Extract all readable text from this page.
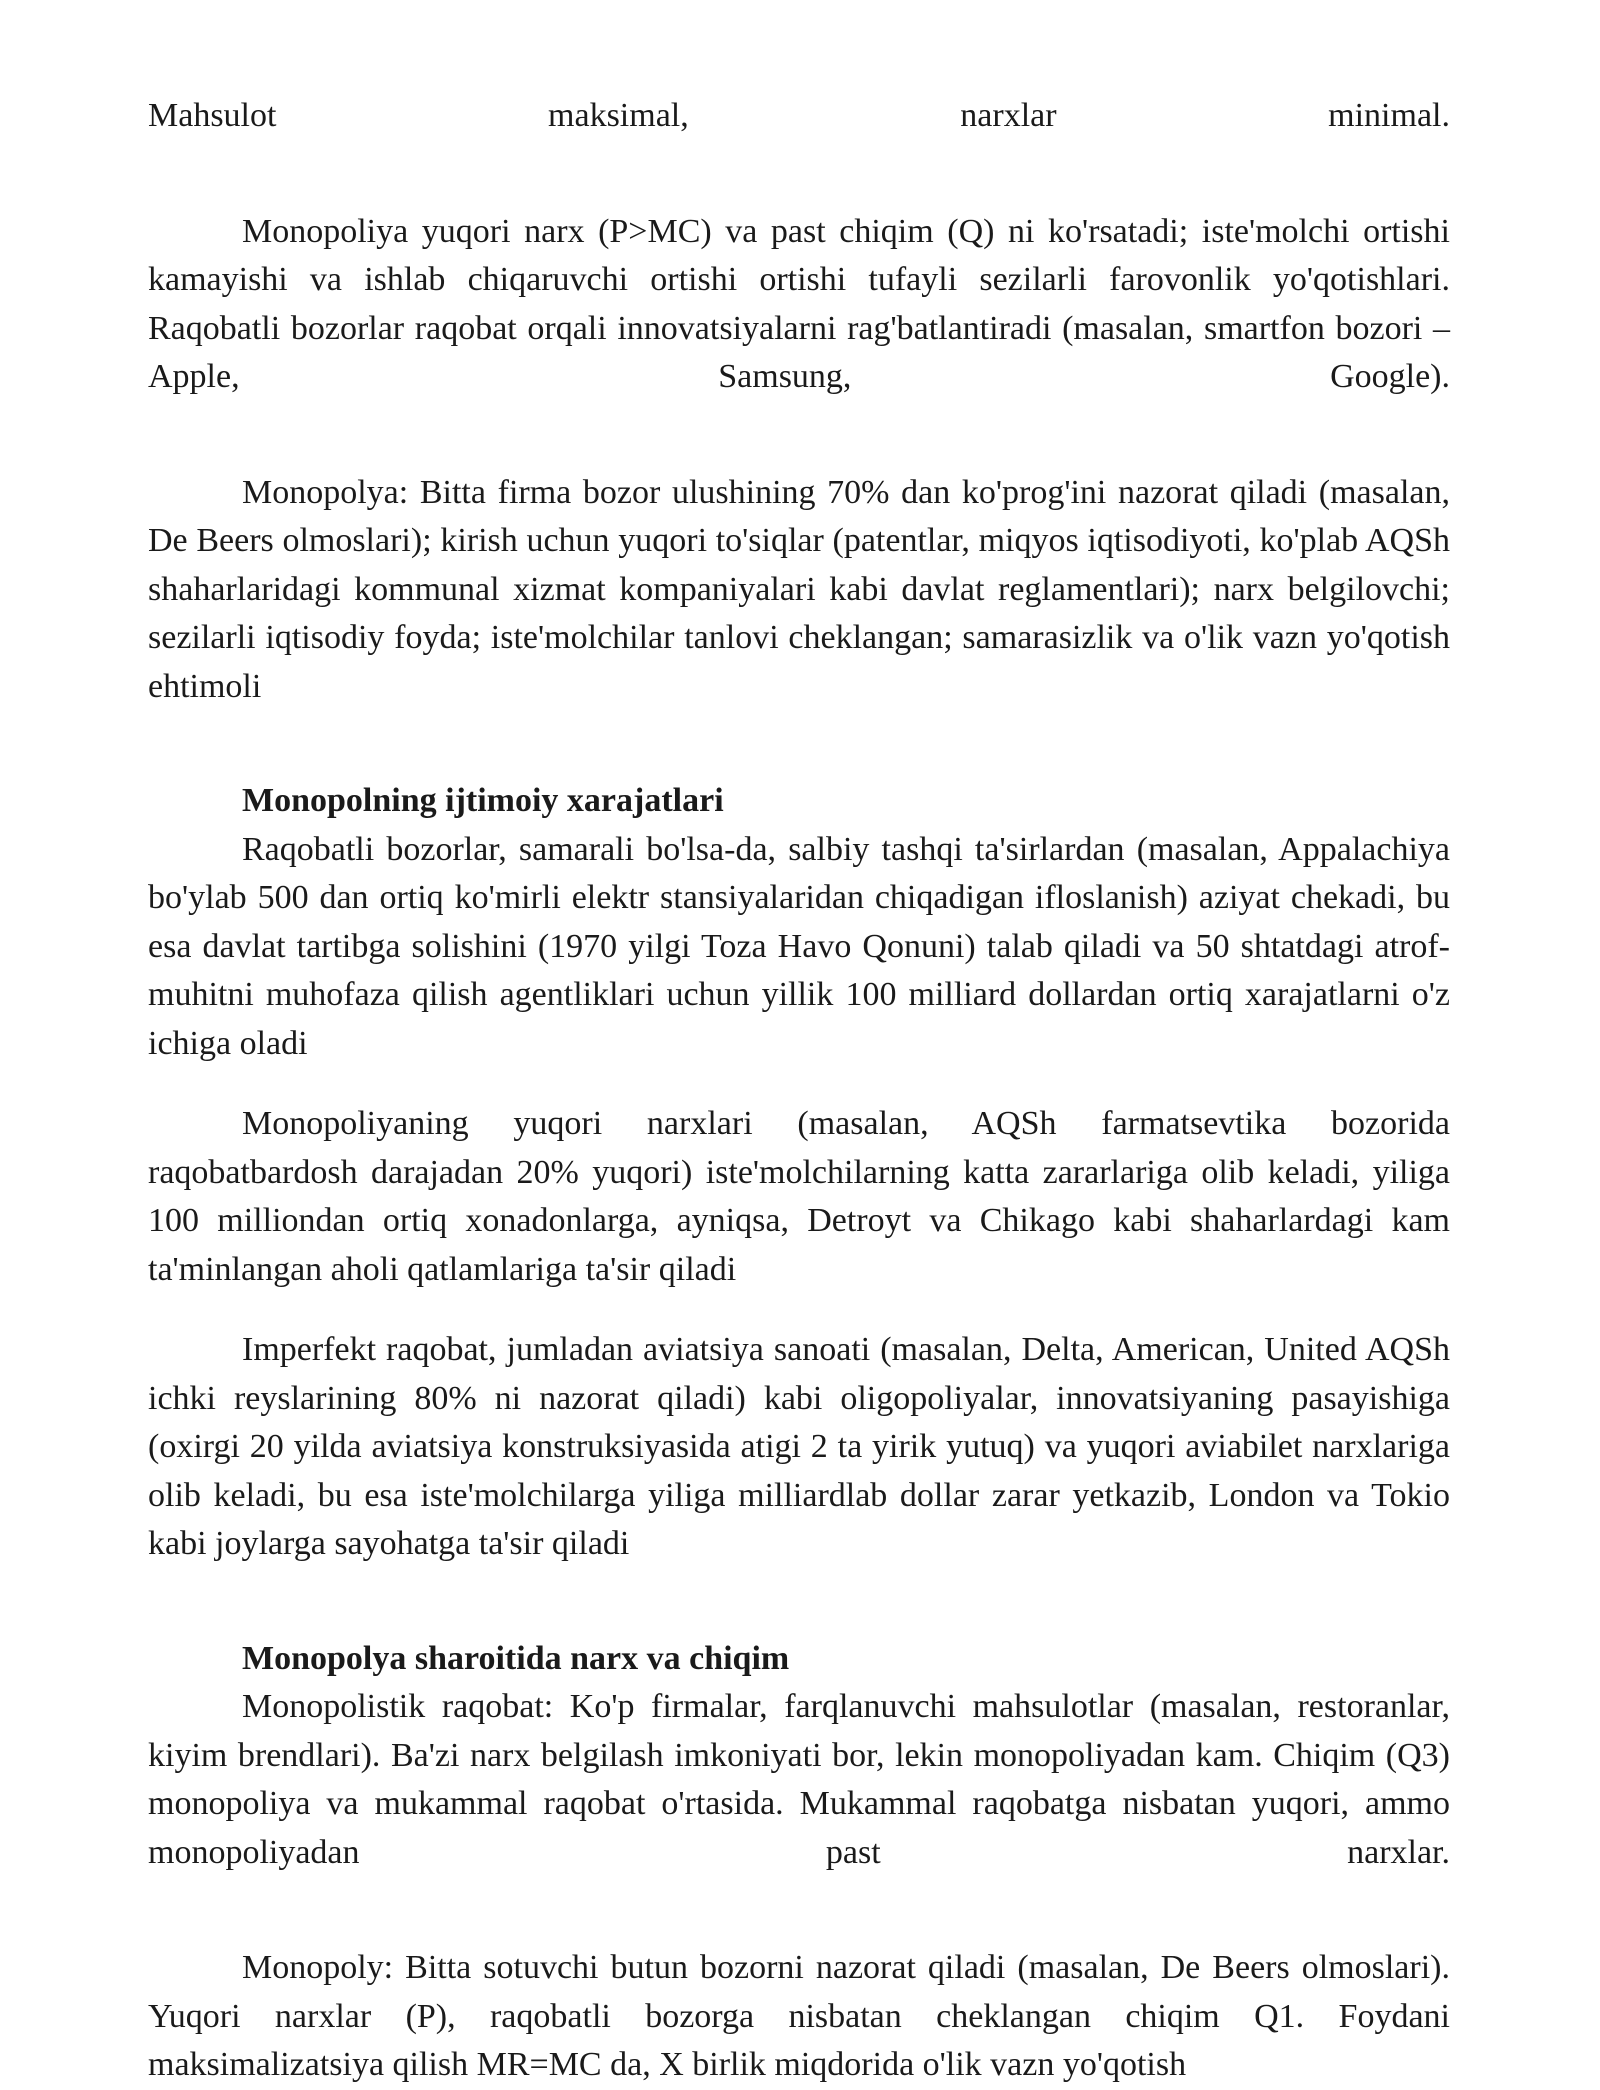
Mahsulot maksimal, narxlar minimal.

Monopoliya yuqori narx (P>MC) va past chiqim (Q) ni ko'rsatadi; iste'molchi ortishi kamayishi va ishlab chiqaruvchi ortishi ortishi tufayli sezilarli farovonlik yo'qotishlari. Raqobatli bozorlar raqobat orqali innovatsiyalarni rag'batlantiradi (masalan, smartfon bozori – Apple, Samsung, Google).

Monopolya: Bitta firma bozor ulushining 70% dan ko'prog'ini nazorat qiladi (masalan, De Beers olmoslari); kirish uchun yuqori to'siqlar (patentlar, miqyos iqtisodiyoti, ko'plab AQSh shaharlaridagi kommunal xizmat kompaniyalari kabi davlat reglamentlari); narx belgilovchi; sezilarli iqtisodiy foyda; iste'molchilar tanlovi cheklangan; samarasizlik va o'lik vazn yo'qotish ehtimoli

Monopolning ijtimoiy xarajatlari

Raqobatli bozorlar, samarali bo'lsa-da, salbiy tashqi ta'sirlardan (masalan, Appalachiya bo'ylab 500 dan ortiq ko'mirli elektr stansiyalaridan chiqadigan ifloslanish) aziyat chekadi, bu esa davlat tartibga solishini (1970 yilgi Toza Havo Qonuni) talab qiladi va 50 shtatdagi atrof-muhitni muhofaza qilish agentliklari uchun yillik 100 milliard dollardan ortiq xarajatlarni o'z ichiga oladi

Monopoliyaning yuqori narxlari (masalan, AQSh farmatsevtika bozorida raqobatbardosh darajadan 20% yuqori) iste'molchilarning katta zararlariga olib keladi, yiliga 100 milliondan ortiq xonadonlarga, ayniqsa, Detroyt va Chikago kabi shaharlardagi kam ta'minlangan aholi qatlamlariga ta'sir qiladi

Imperfekt raqobat, jumladan aviatsiya sanoati (masalan, Delta, American, United AQSh ichki reyslarining 80% ni nazorat qiladi) kabi oligopoliyalar, innovatsiyaning pasayishiga (oxirgi 20 yilda aviatsiya konstruksiyasida atigi 2 ta yirik yutuq) va yuqori aviabilet narxlariga olib keladi, bu esa iste'molchilarga yiliga milliardlab dollar zarar yetkazib, London va Tokio kabi joylarga sayohatga ta'sir qiladi

Monopolya sharoitida narx va chiqim

Monopolistik raqobat: Ko'p firmalar, farqlanuvchi mahsulotlar (masalan, restoranlar, kiyim brendlari). Ba'zi narx belgilash imkoniyati bor, lekin monopoliyadan kam. Chiqim (Q3) monopoliya va mukammal raqobat o'rtasida. Mukammal raqobatga nisbatan yuqori, ammo monopoliyadan past narxlar.

Monopoly: Bitta sotuvchi butun bozorni nazorat qiladi (masalan, De Beers olmoslari). Yuqori narxlar (P), raqobatli bozorga nisbatan cheklangan chiqim Q1. Foydani maksimalizatsiya qilish MR=MC da, X birlik miqdorida o'lik vazn yo'qotish
